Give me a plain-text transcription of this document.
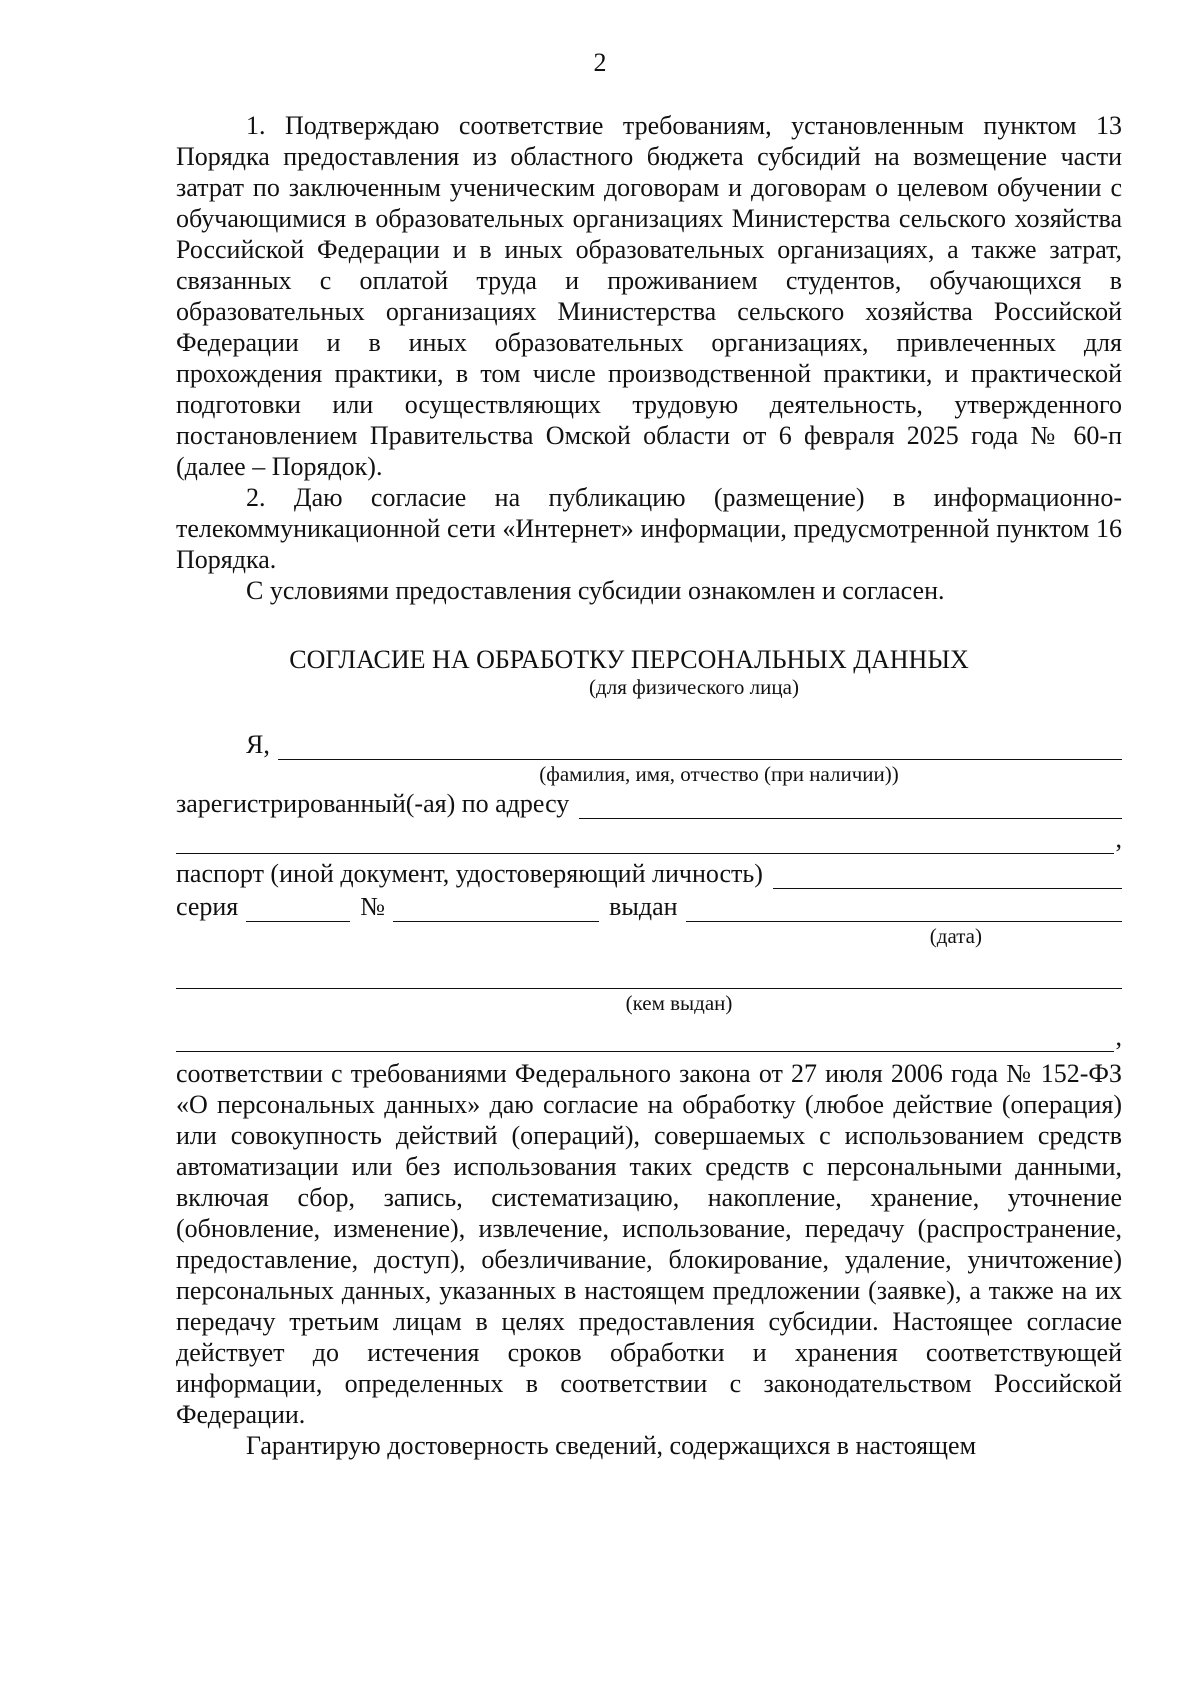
2

1. Подтверждаю соответствие требованиям, установленным пунктом 13 Порядка предоставления из областного бюджета субсидий на возмещение части затрат по заключенным ученическим договорам и договорам о целевом обучении с обучающимися в образовательных организациях Министерства сельского хозяйства Российской Федерации и в иных образовательных организациях, а также затрат, связанных с оплатой труда и проживанием студентов, обучающихся в образовательных организациях Министерства сельского хозяйства Российской Федерации и в иных образовательных организациях, привлеченных для прохождения практики, в том числе производственной практики, и практической подготовки или осуществляющих трудовую деятельность, утвержденного постановлением Правительства Омской области от 6 февраля 2025 года № 60-п (далее – Порядок).

2. Даю согласие на публикацию (размещение) в информационно-телекоммуникационной сети «Интернет» информации, предусмотренной пунктом 16 Порядка.

С условиями предоставления субсидии ознакомлен и согласен.

СОГЛАСИЕ НА ОБРАБОТКУ ПЕРСОНАЛЬНЫХ ДАННЫХ
(для физического лица)
Я,
(фамилия, имя, отчество (при наличии))
зарегистрированный(-ая) по адресу
,
паспорт (иной документ, удостоверяющий личность)
серия	№	выдан
(дата)
(кем выдан)
,

соответствии с требованиями Федерального закона от 27 июля 2006 года № 152-ФЗ «О персональных данных» даю согласие на обработку (любое действие (операция) или совокупность действий (операций), совершаемых с использованием средств автоматизации или без использования таких средств с персональными данными, включая сбор, запись, систематизацию, накопление, хранение, уточнение (обновление, изменение), извлечение, использование, передачу (распространение, предоставление, доступ), обезличивание, блокирование, удаление, уничтожение) персональных данных, указанных в настоящем предложении (заявке), а также на их передачу третьим лицам в целях предоставления субсидии. Настоящее согласие действует до истечения сроков обработки и хранения соответствующей информации, определенных в соответствии с законодательством Российской Федерации.

Гарантирую достоверность сведений, содержащихся в настоящем
